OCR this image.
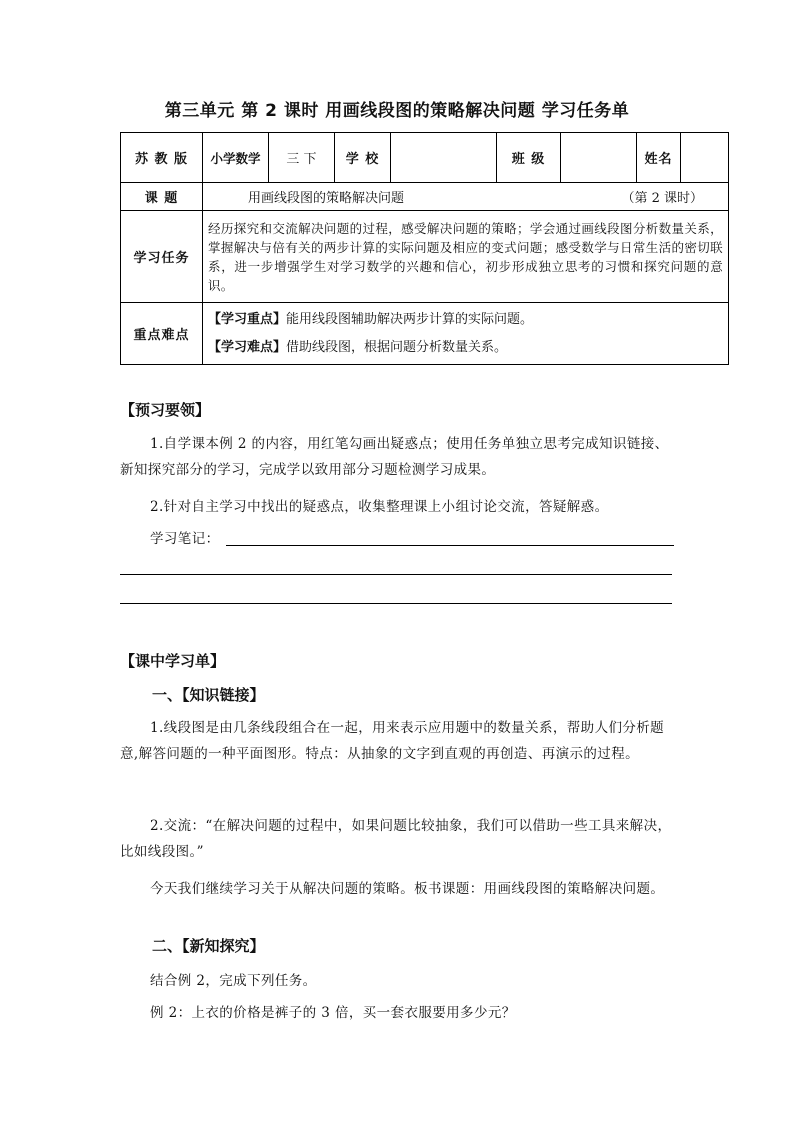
第三单元 第 2 课时 用画线段图的策略解决问题 学习任务单
苏 教 版	小学数学	三 下	学 校		班 级		姓名	
课 题	用画线段图的策略解决问题 （第 2 课时）							

学习任务	经历探究和交流解决问题的过程，感受解决问题的策略；学会通过画线段图分析数量关系，掌握解决与倍有关的两步计算的实际问题及相应的变式问题；感受数学与日常生活的密切联系，进一步增强学生对学习数学的兴趣和信心，初步形成独立思考的习惯和探究问题的意识。							
重点难点	【学习重点】能用线段图辅助解决两步计算的实际问题。
【学习难点】借助线段图，根据问题分析数量关系。							
【预习要领】
1.自学课本例 2 的内容，用红笔勾画出疑惑点；使用任务单独立思考完成知识链接、新知探究部分的学习，完成学以致用部分习题检测学习成果。
2.针对自主学习中找出的疑惑点，收集整理课上小组讨论交流，答疑解惑。
学习笔记：
【课中学习单】
一、【知识链接】
1.线段图是由几条线段组合在一起，用来表示应用题中的数量关系，帮助人们分析题意,解答问题的一种平面图形。特点：从抽象的文字到直观的再创造、再演示的过程。
2.交流：“在解决问题的过程中，如果问题比较抽象，我们可以借助一些工具来解决，比如线段图。”
今天我们继续学习关于从解决问题的策略。板书课题：用画线段图的策略解决问题。
二、【新知探究】
结合例 2，完成下列任务。
例 2：上衣的价格是裤子的 3 倍，买一套衣服要用多少元？
